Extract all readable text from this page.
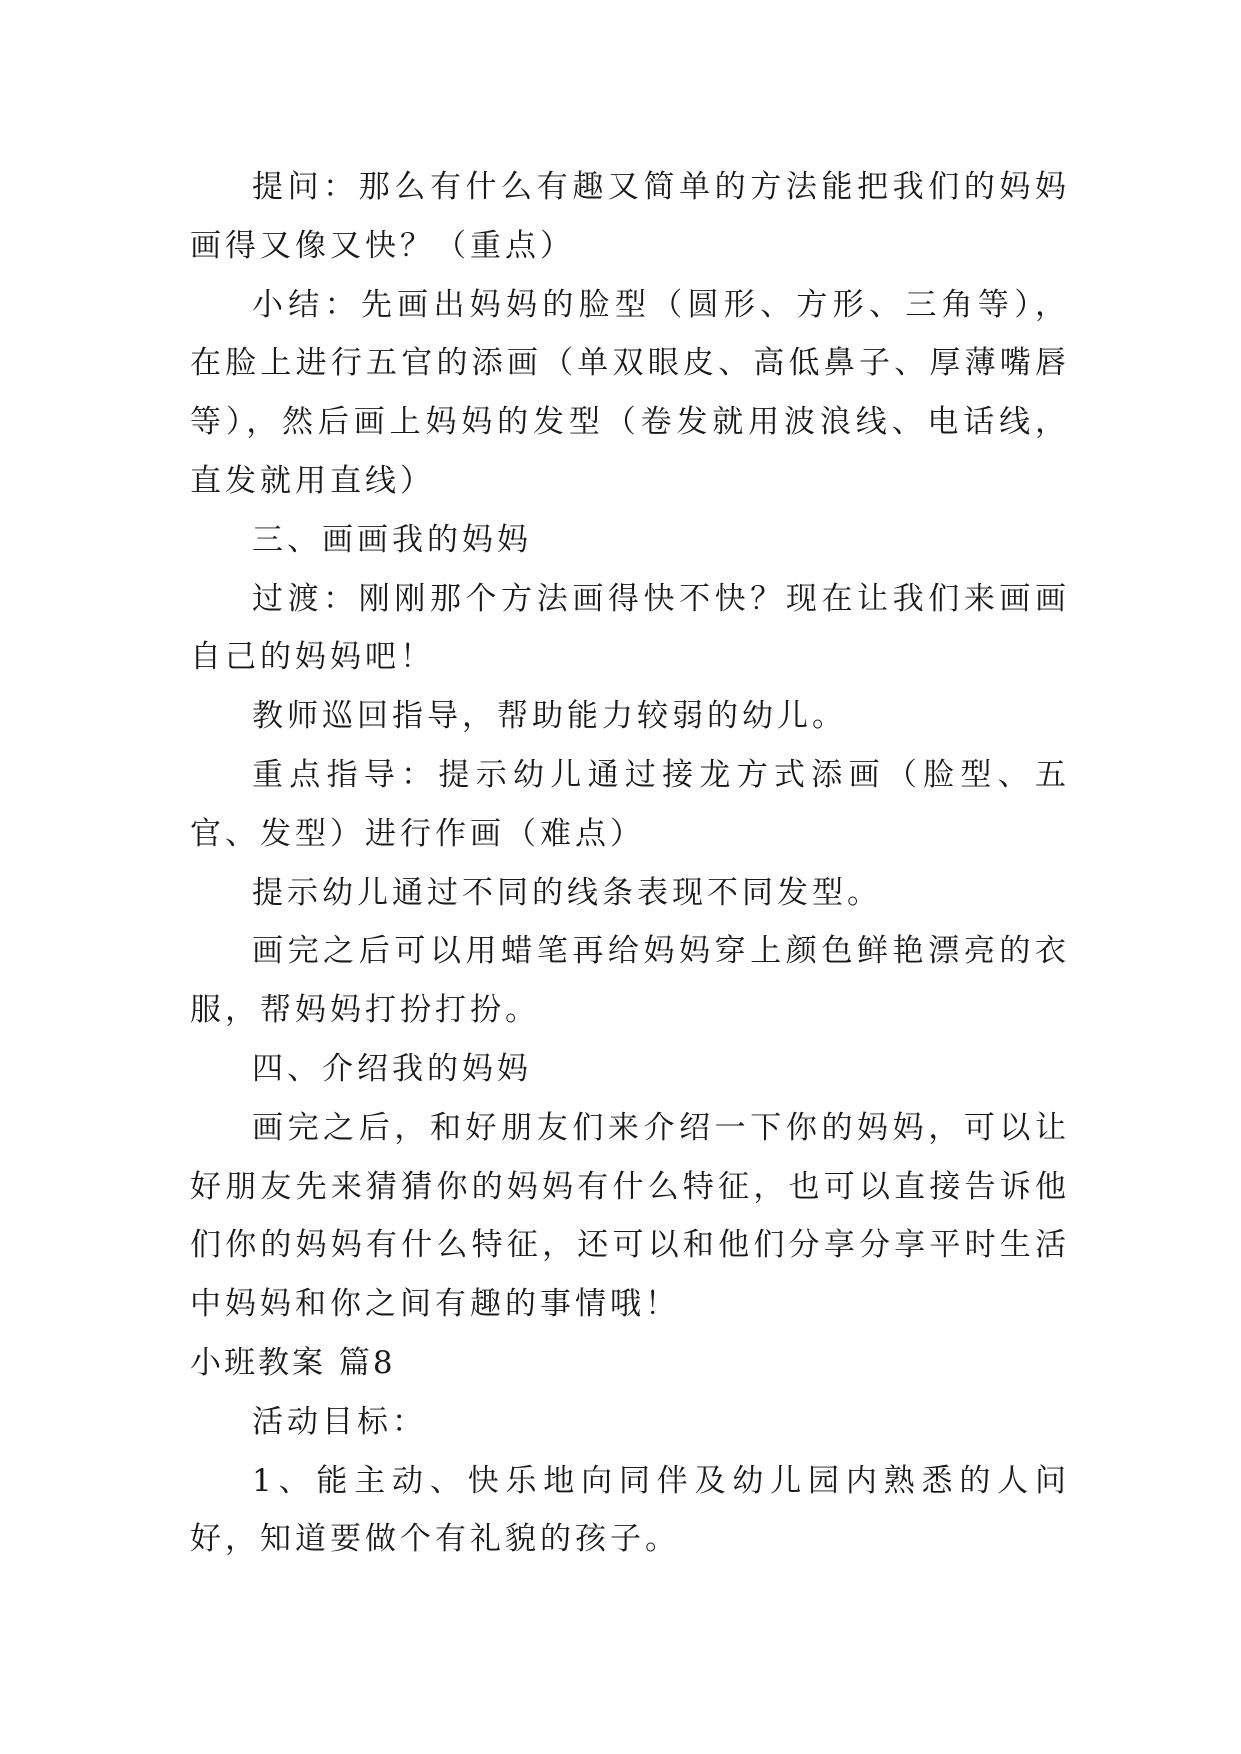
提问：那么有什么有趣又简单的方法能把我们的妈妈画得又像又快？（重点）

小结：先画出妈妈的脸型（圆形、方形、三角等），在脸上进行五官的添画（单双眼皮、高低鼻子、厚薄嘴唇等），然后画上妈妈的发型（卷发就用波浪线、电话线，直发就用直线）

三、画画我的妈妈

过渡：刚刚那个方法画得快不快？现在让我们来画画自己的妈妈吧！

教师巡回指导，帮助能力较弱的幼儿。

重点指导：提示幼儿通过接龙方式添画（脸型、五官、发型）进行作画（难点）

提示幼儿通过不同的线条表现不同发型。

画完之后可以用蜡笔再给妈妈穿上颜色鲜艳漂亮的衣服，帮妈妈打扮打扮。

四、介绍我的妈妈

画完之后，和好朋友们来介绍一下你的妈妈，可以让好朋友先来猜猜你的妈妈有什么特征，也可以直接告诉他们你的妈妈有什么特征，还可以和他们分享分享平时生活中妈妈和你之间有趣的事情哦！

小班教案 篇8

活动目标：

1、能主动、快乐地向同伴及幼儿园内熟悉的人问好，知道要做个有礼貌的孩子。
